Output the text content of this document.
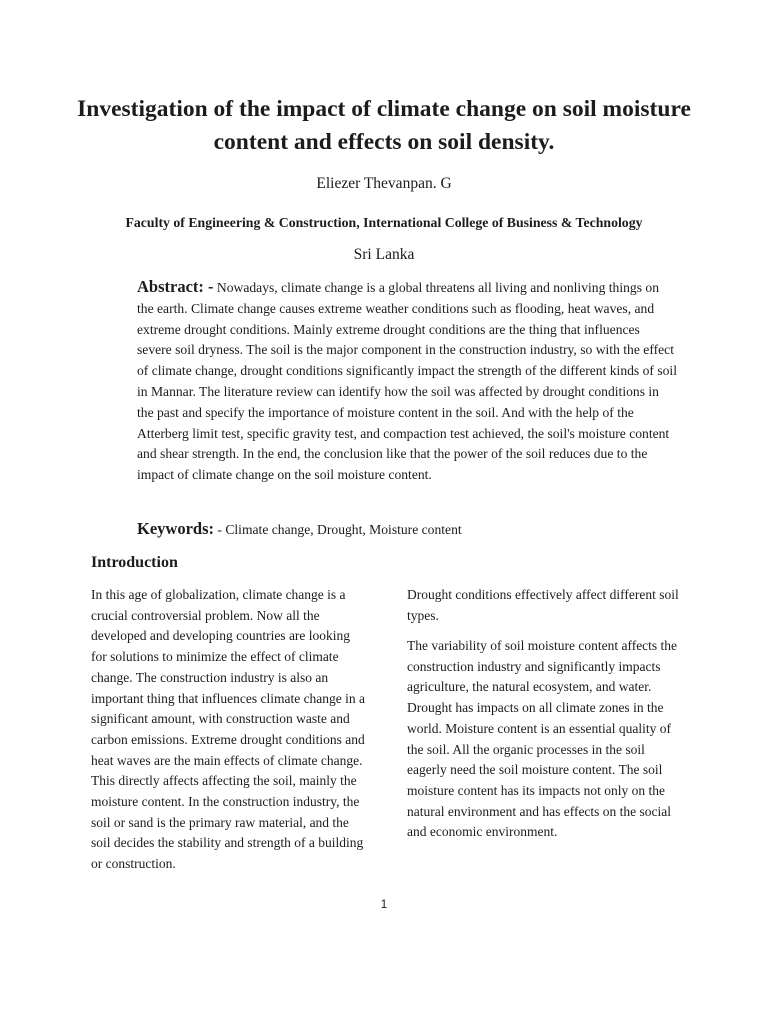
Investigation of the impact of climate change on soil moisture content and effects on soil density.
Eliezer Thevanpan. G
Faculty of Engineering & Construction, International College of Business & Technology
Sri Lanka

Abstract: - Nowadays, climate change is a global threatens all living and nonliving things on the earth. Climate change causes extreme weather conditions such as flooding, heat waves, and extreme drought conditions. Mainly extreme drought conditions are the thing that influences severe soil dryness. The soil is the major component in the construction industry, so with the effect of climate change, drought conditions significantly impact the strength of the different kinds of soil in Mannar. The literature review can identify how the soil was affected by drought conditions in the past and specify the importance of moisture content in the soil. And with the help of the Atterberg limit test, specific gravity test, and compaction test achieved, the soil's moisture content and shear strength. In the end, the conclusion like that the power of the soil reduces due to the impact of climate change on the soil moisture content.

Keywords: - Climate change, Drought, Moisture content

Introduction

In this age of globalization, climate change is a crucial controversial problem. Now all the developed and developing countries are looking for solutions to minimize the effect of climate change. The construction industry is also an important thing that influences climate change in a significant amount, with construction waste and carbon emissions. Extreme drought conditions and heat waves are the main effects of climate change. This directly affects affecting the soil, mainly the moisture content. In the construction industry, the soil or sand is the primary raw material, and the soil decides the stability and strength of a building or construction.

Drought conditions effectively affect different soil types.

The variability of soil moisture content affects the construction industry and significantly impacts agriculture, the natural ecosystem, and water. Drought has impacts on all climate zones in the world. Moisture content is an essential quality of the soil. All the organic processes in the soil eagerly need the soil moisture content. The soil moisture content has its impacts not only on the natural environment and has effects on the social and economic environment.

1
